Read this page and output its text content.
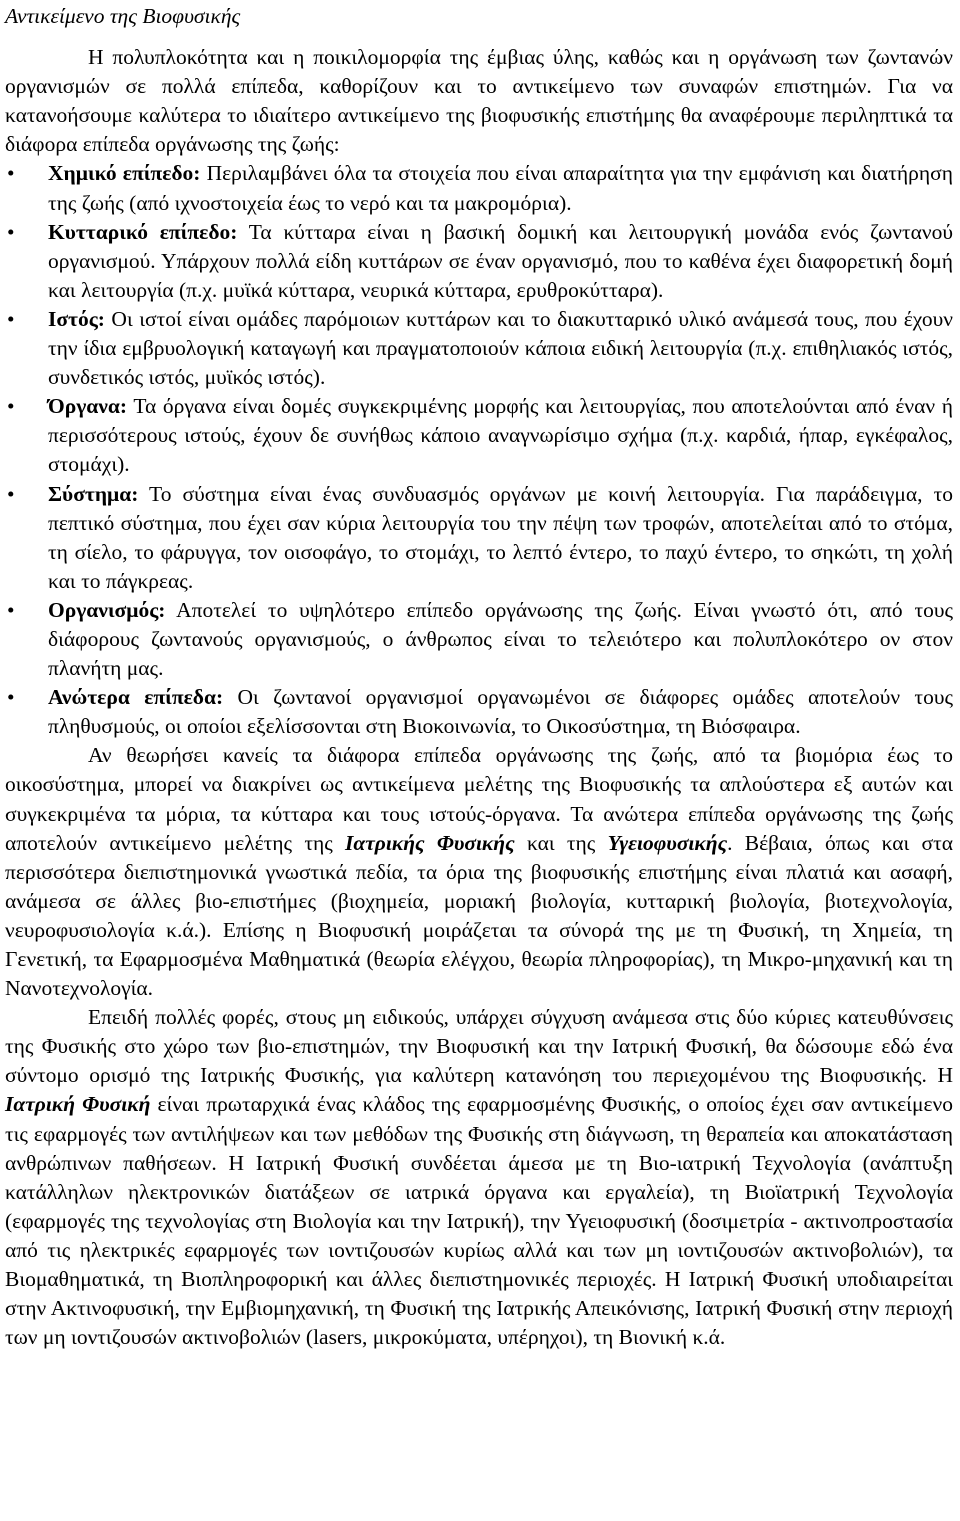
Αντικείμενο της Βιοφυσικής

Η πολυπλοκότητα και η ποικιλομορφία της έμβιας ύλης, καθώς και η οργάνωση των ζωντανών οργανισμών σε πολλά επίπεδα, καθορίζουν και το αντικείμενο των συναφών επιστημών. Για να κατανοήσουμε καλύτερα το ιδιαίτερο αντικείμενο της βιοφυσικής επιστήμης θα αναφέρουμε περιληπτικά τα διάφορα επίπεδα οργάνωσης της ζωής:

• Χημικό επίπεδο: Περιλαμβάνει όλα τα στοιχεία που είναι απαραίτητα για την εμφάνιση και διατήρηση της ζωής (από ιχνοστοιχεία έως το νερό και τα μακρομόρια).
• Κυτταρικό επίπεδο: Τα κύτταρα είναι η βασική δομική και λειτουργική μονάδα ενός ζωντανού οργανισμού. Υπάρχουν πολλά είδη κυττάρων σε έναν οργανισμό, που το καθένα έχει διαφορετική δομή και λειτουργία (π.χ. μυϊκά κύτταρα, νευρικά κύτταρα, ερυθροκύτταρα).
• Ιστός: Οι ιστοί είναι ομάδες παρόμοιων κυττάρων και το διακυτταρικό υλικό ανάμεσά τους, που έχουν την ίδια εμβρυολογική καταγωγή και πραγματοποιούν κάποια ειδική λειτουργία (π.χ. επιθηλιακός ιστός, συνδετικός ιστός, μυϊκός ιστός).
• Όργανα: Τα όργανα είναι δομές συγκεκριμένης μορφής και λειτουργίας, που αποτελούνται από έναν ή περισσότερους ιστούς, έχουν δε συνήθως κάποιο αναγνωρίσιμο σχήμα (π.χ. καρδιά, ήπαρ, εγκέφαλος, στομάχι).
• Σύστημα: Το σύστημα είναι ένας συνδυασμός οργάνων με κοινή λειτουργία. Για παράδειγμα, το πεπτικό σύστημα, που έχει σαν κύρια λειτουργία του την πέψη των τροφών, αποτελείται από το στόμα, τη σίελο, το φάρυγγα, τον οισοφάγο, το στομάχι, το λεπτό έντερο, το παχύ έντερο, το σηκώτι, τη χολή και το πάγκρεας.
• Οργανισμός: Αποτελεί το υψηλότερο επίπεδο οργάνωσης της ζωής. Είναι γνωστό ότι, από τους διάφορους ζωντανούς οργανισμούς, ο άνθρωπος είναι το τελειότερο και πολυπλοκότερο ον στον πλανήτη μας.
• Ανώτερα επίπεδα: Οι ζωντανοί οργανισμοί οργανωμένοι σε διάφορες ομάδες αποτελούν τους πληθυσμούς, οι οποίοι εξελίσσονται στη Βιοκοινωνία, το Οικοσύστημα, τη Βιόσφαιρα.

Αν θεωρήσει κανείς τα διάφορα επίπεδα οργάνωσης της ζωής, από τα βιομόρια έως το οικοσύστημα, μπορεί να διακρίνει ως αντικείμενα μελέτης της Βιοφυσικής τα απλούστερα εξ αυτών και συγκεκριμένα τα μόρια, τα κύτταρα και τους ιστούς-όργανα. Τα ανώτερα επίπεδα οργάνωσης της ζωής αποτελούν αντικείμενο μελέτης της Ιατρικής Φυσικής και της Υγειοφυσικής. Βέβαια, όπως και στα περισσότερα διεπιστημονικά γνωστικά πεδία, τα όρια της βιοφυσικής επιστήμης είναι πλατιά και ασαφή, ανάμεσα σε άλλες βιο-επιστήμες (βιοχημεία, μοριακή βιολογία, κυτταρική βιολογία, βιοτεχνολογία, νευροφυσιολογία κ.ά.). Επίσης η Βιοφυσική μοιράζεται τα σύνορά της με τη Φυσική, τη Χημεία, τη Γενετική, τα Εφαρμοσμένα Μαθηματικά (θεωρία ελέγχου, θεωρία πληροφορίας), τη Μικρο-μηχανική και τη Νανοτεχνολογία.

Επειδή πολλές φορές, στους μη ειδικούς, υπάρχει σύγχυση ανάμεσα στις δύο κύριες κατευθύνσεις της Φυσικής στο χώρο των βιο-επιστημών, την Βιοφυσική και την Ιατρική Φυσική, θα δώσουμε εδώ ένα σύντομο ορισμό της Ιατρικής Φυσικής, για καλύτερη κατανόηση του περιεχομένου της Βιοφυσικής. Η Ιατρική Φυσική είναι πρωταρχικά ένας κλάδος της εφαρμοσμένης Φυσικής, ο οποίος έχει σαν αντικείμενο τις εφαρμογές των αντιλήψεων και των μεθόδων της Φυσικής στη διάγνωση, τη θεραπεία και αποκατάσταση ανθρώπινων παθήσεων. Η Ιατρική Φυσική συνδέεται άμεσα με τη Βιο-ιατρική Τεχνολογία (ανάπτυξη κατάλληλων ηλεκτρονικών διατάξεων σε ιατρικά όργανα και εργαλεία), τη Βιοϊατρική Τεχνολογία (εφαρμογές της τεχνολογίας στη Βιολογία και την Ιατρική), την Υγειοφυσική (δοσιμετρία - ακτινοπροστασία από τις ηλεκτρικές εφαρμογές των ιοντιζουσών κυρίως αλλά και των μη ιοντιζουσών ακτινοβολιών), τα Βιομαθηματικά, τη Βιοπληροφορική και άλλες διεπιστημονικές περιοχές. Η Ιατρική Φυσική υποδιαιρείται στην Ακτινοφυσική, την Εμβιομηχανική, τη Φυσική της Ιατρικής Απεικόνισης, Ιατρική Φυσική στην περιοχή των μη ιοντιζουσών ακτινοβολιών (lasers, μικροκύματα, υπέρηχοι), τη Βιονική κ.ά.
